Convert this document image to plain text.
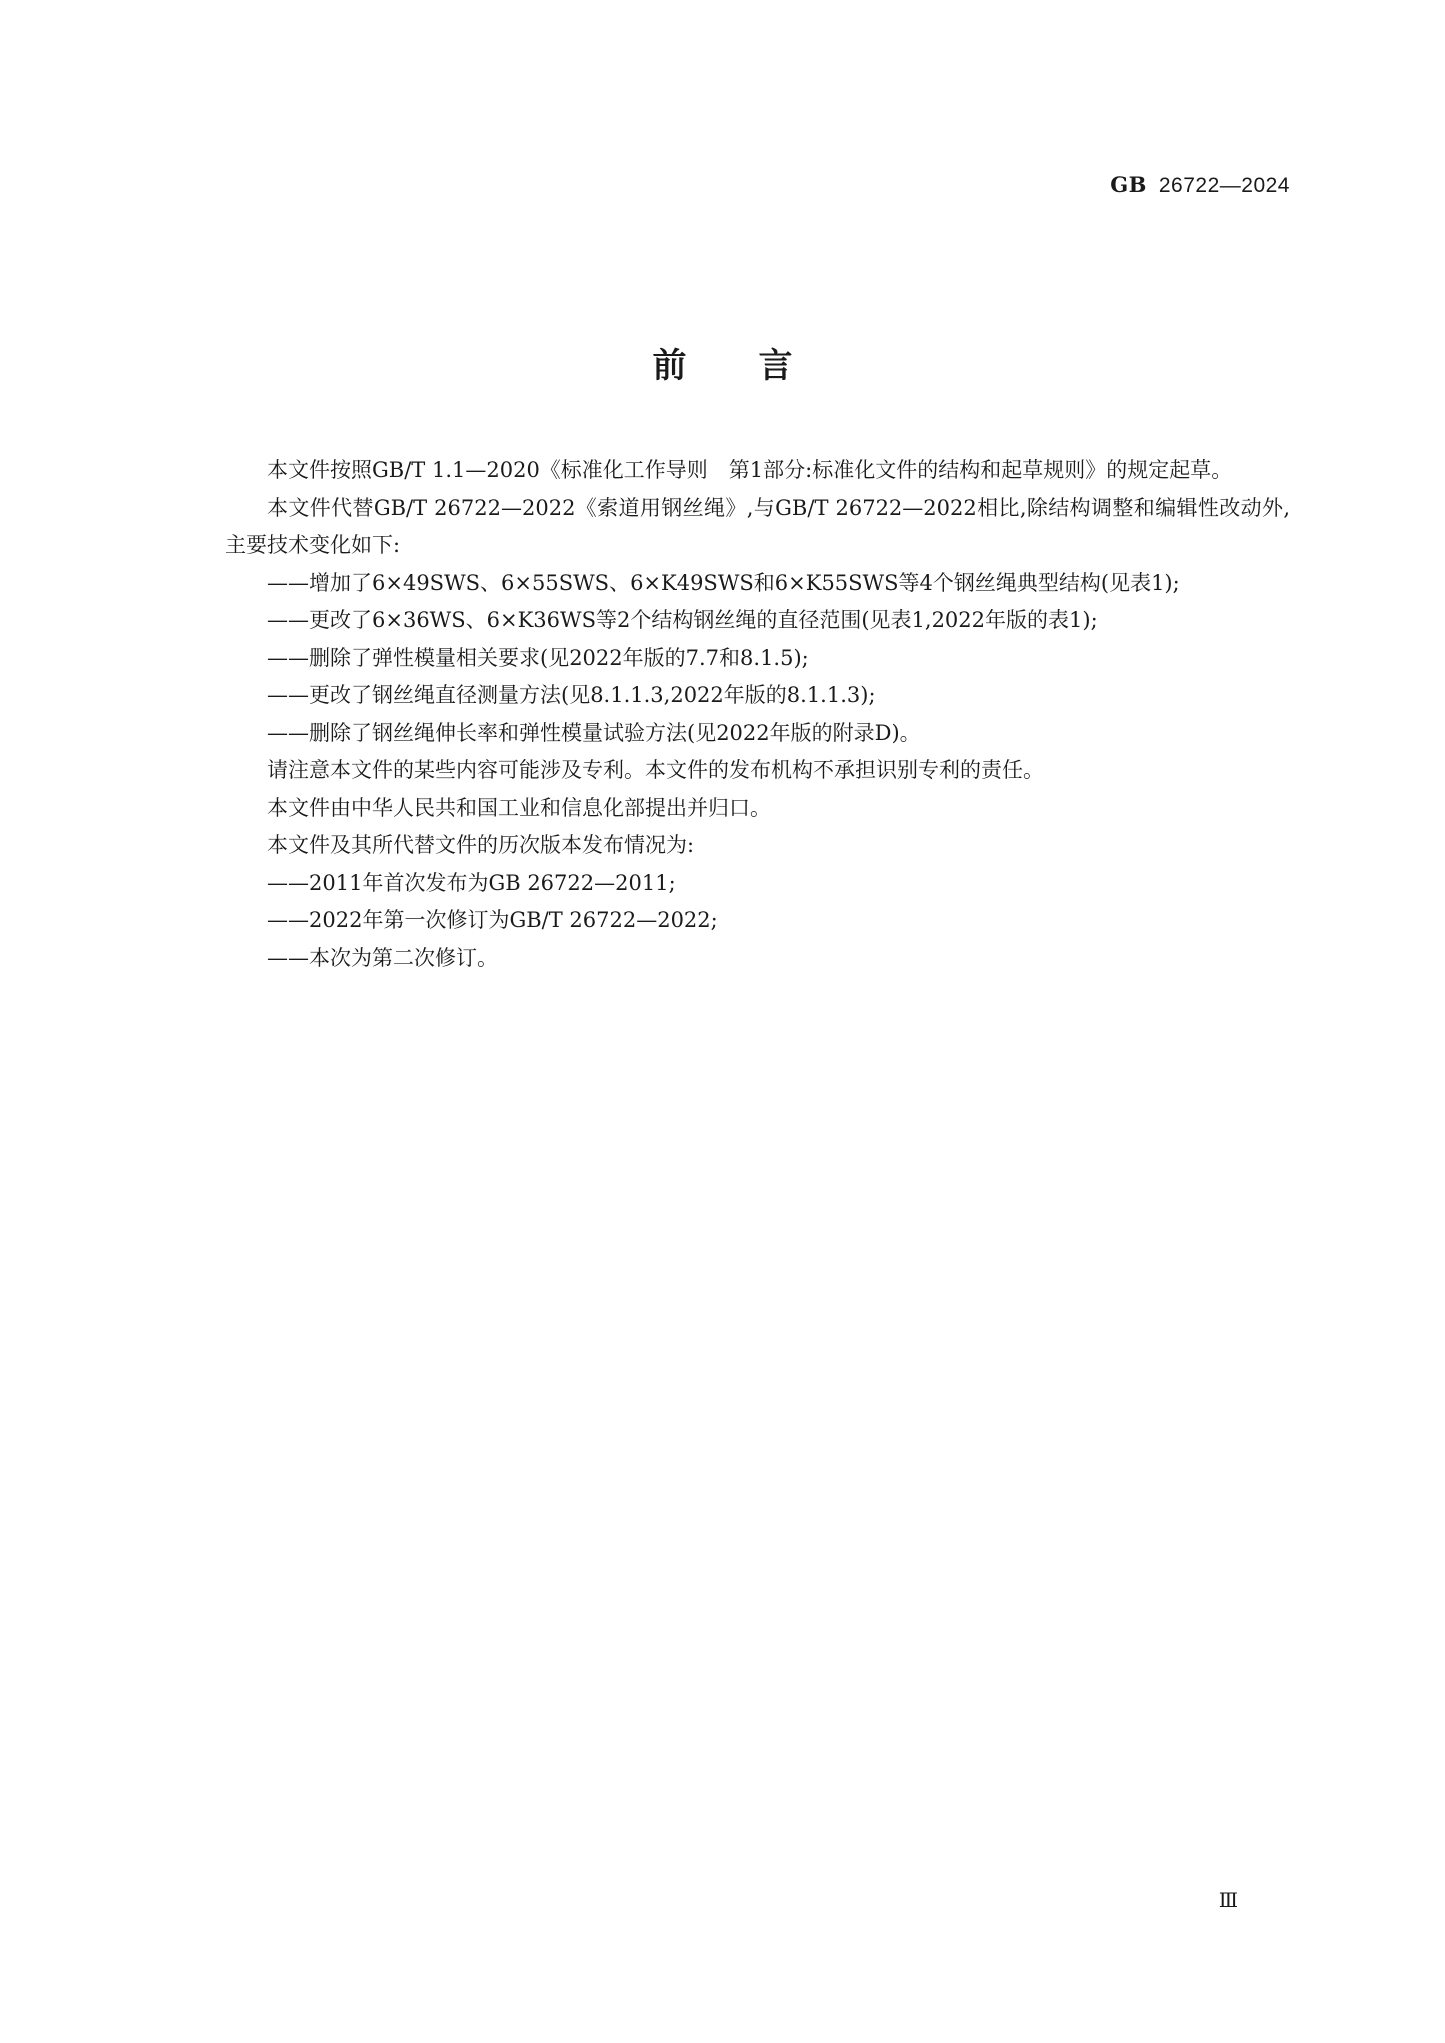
GB 26722—2024
前言

本文件按照GB/T 1.1—2020《标准化工作导则　第1部分:标准化文件的结构和起草规则》的规定起草。

本文件代替GB/T 26722—2022《索道用钢丝绳》,与GB/T 26722—2022相比,除结构调整和编辑性改动外,主要技术变化如下:

——增加了6×49SWS、6×55SWS、6×K49SWS和6×K55SWS等4个钢丝绳典型结构(见表1);

——更改了6×36WS、6×K36WS等2个结构钢丝绳的直径范围(见表1,2022年版的表1);

——删除了弹性模量相关要求(见2022年版的7.7和8.1.5);

——更改了钢丝绳直径测量方法(见8.1.1.3,2022年版的8.1.1.3);

——删除了钢丝绳伸长率和弹性模量试验方法(见2022年版的附录D)。

请注意本文件的某些内容可能涉及专利。本文件的发布机构不承担识别专利的责任。

本文件由中华人民共和国工业和信息化部提出并归口。

本文件及其所代替文件的历次版本发布情况为:

——2011年首次发布为GB 26722—2011;

——2022年第一次修订为GB/T 26722—2022;

——本次为第二次修订。

Ⅲ
